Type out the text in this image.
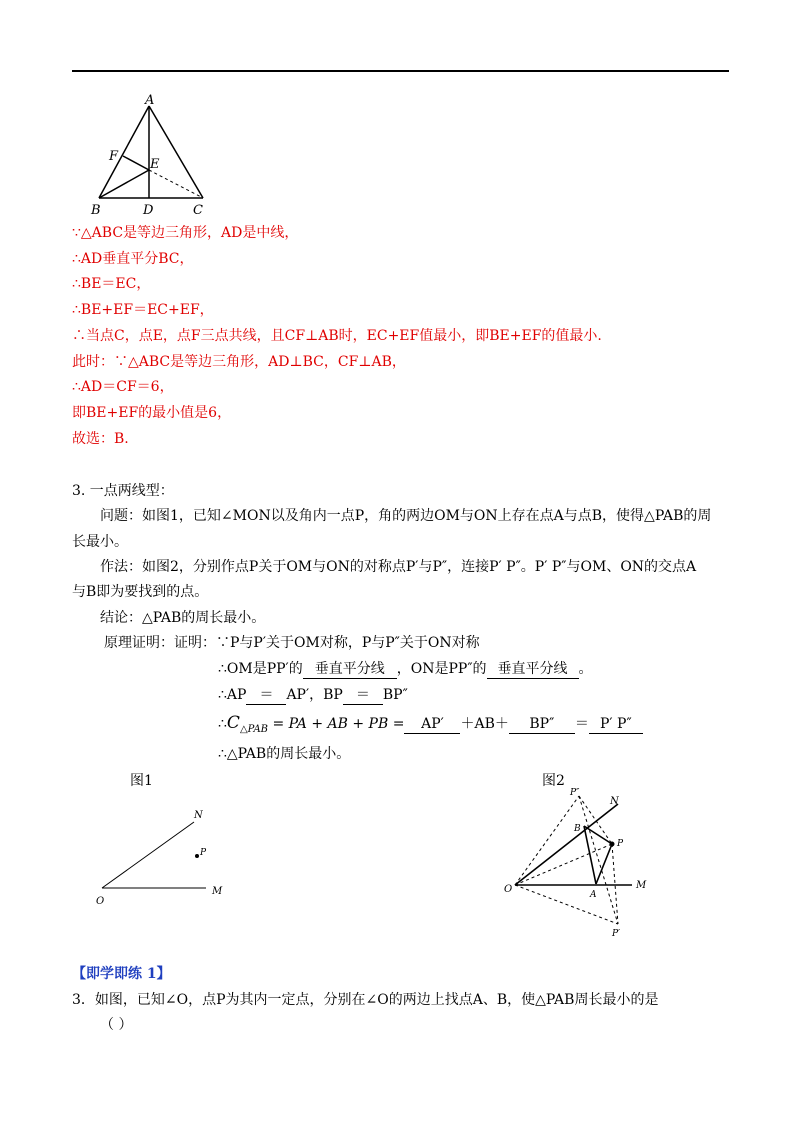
A
F
E
B	D	C
∵△ABC是等边三角形，AD是中线，
∴AD垂直平分BC，
∴BE＝EC，
∴BE+EF＝EC+EF，
∴当点C，点E，点F三点共线，且CF⊥AB时，EC+EF值最小，即BE+EF的值最小.
此时：∵△ABC是等边三角形，AD⊥BC，CF⊥AB，
∴AD＝CF＝6，
即BE+EF的最小值是6，
故选：B.
3. 一点两线型：
问题：如图1，已知∠MON以及角内一点P，角的两边OM与ON上存在点A与点B，使得△PAB的周
长最小。
作法：如图2，分别作点P关于OM与ON的对称点P′与P″，连接P′ P″。P′ P″与OM、ON的交点A
与B即为要找到的点。
结论：△PAB的周长最小。
原理证明：证明：∵P与P′关于OM对称，P与P″关于ON对称
∴OM是PP′的 垂直平分线 ，ON是PP″的 垂直平分线 。
∴AP ＝ AP′，BP ＝ BP″
$\therefore C_{\triangle PAB}$ = PA + AB + PB = AP′ ＋AB＋ BP″ ＝ P′ P″
∴△PAB的周长最小。
图1
N
P
O
M
图2
P″
N
B
P
O	A
M
P′
【即学即练 1】
3．如图，已知∠O，点P为其内一定点，分别在∠O的两边上找点A、B，使△PAB周长最小的是
（ ）
